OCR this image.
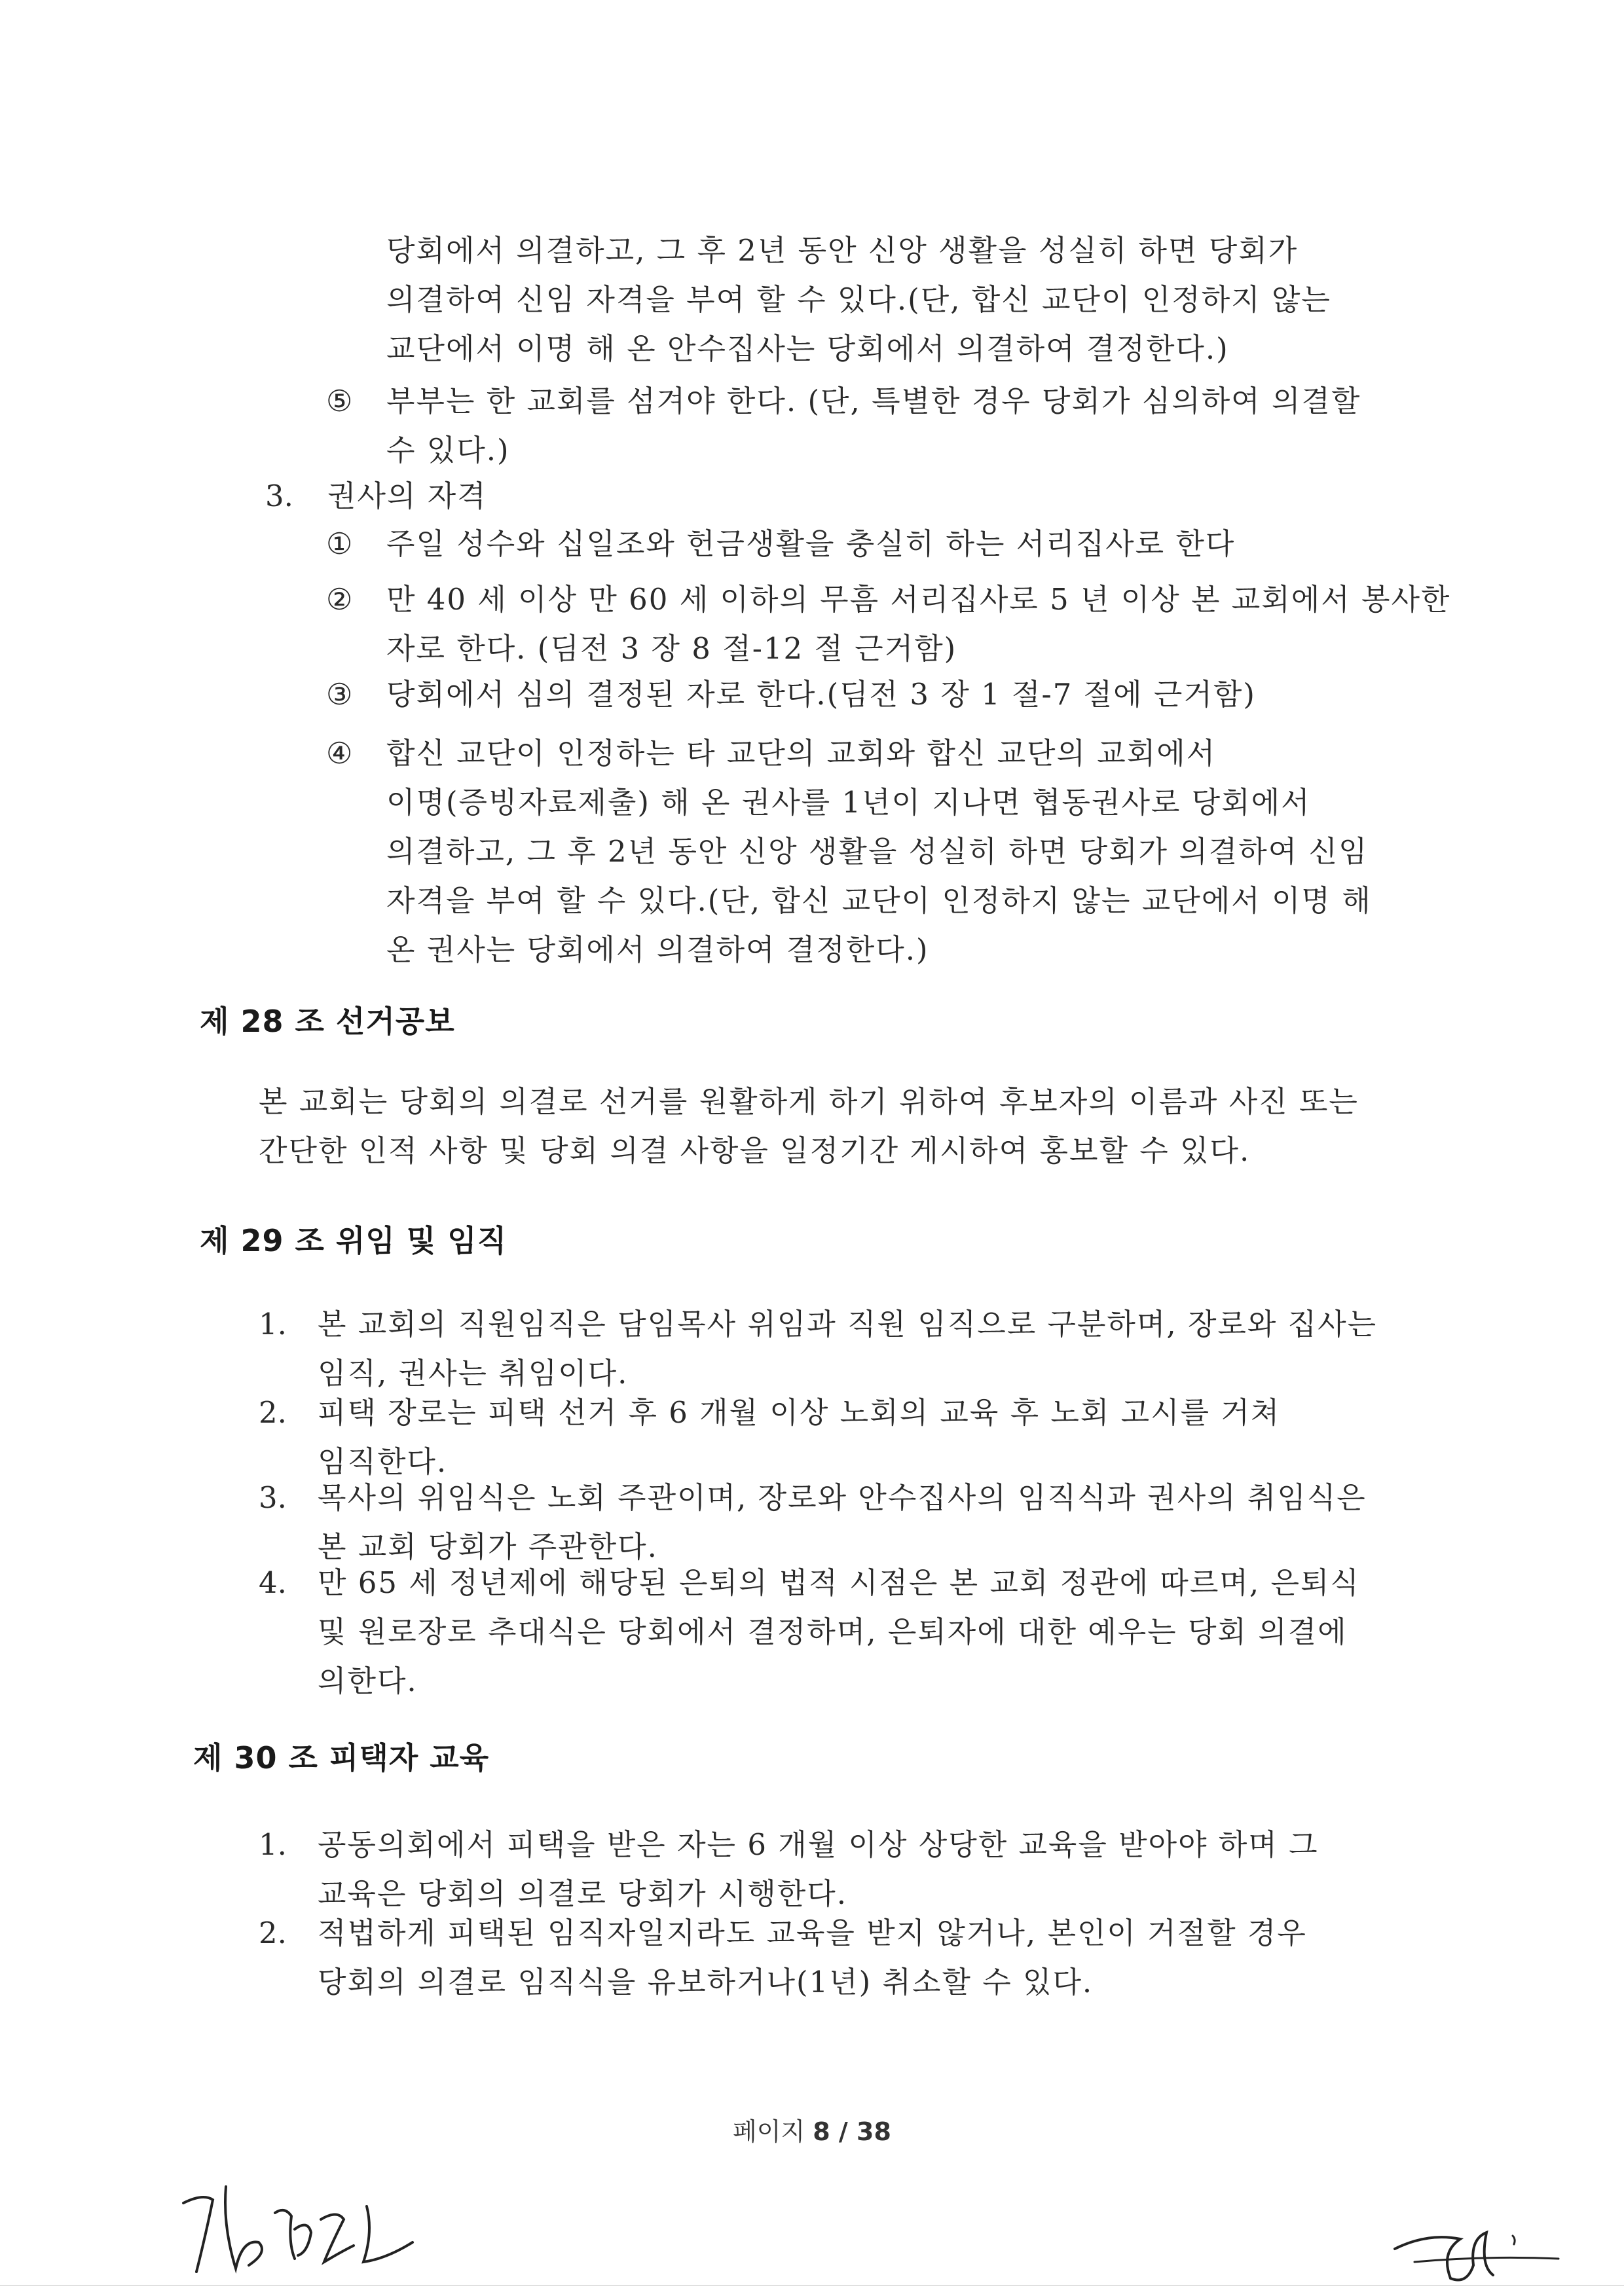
당회에서 의결하고, 그 후 2년 동안 신앙 생활을 성실히 하면 당회가
의결하여 신임 자격을 부여 할 수 있다.(단, 합신 교단이 인정하지 않는
교단에서 이명 해 온 안수집사는 당회에서 의결하여 결정한다.)
⑤ 부부는 한 교회를 섬겨야 한다. (단, 특별한 경우 당회가 심의하여 의결할
수 있다.)
3. 권사의 자격
① 주일 성수와 십일조와 헌금생활을 충실히 하는 서리집사로 한다
② 만 40 세 이상 만 60 세 이하의 무흠 서리집사로 5 년 이상 본 교회에서 봉사한
자로 한다. (딤전 3 장 8 절-12 절 근거함)
③ 당회에서 심의 결정된 자로 한다.(딤전 3 장 1 절-7 절에 근거함)
④ 합신 교단이 인정하는 타 교단의 교회와 합신 교단의 교회에서
이명(증빙자료제출) 해 온 권사를 1년이 지나면 협동권사로 당회에서
의결하고, 그 후 2년 동안 신앙 생활을 성실히 하면 당회가 의결하여 신임
자격을 부여 할 수 있다.(단, 합신 교단이 인정하지 않는 교단에서 이명 해
온 권사는 당회에서 의결하여 결정한다.)
제 28 조 선거공보
본 교회는 당회의 의결로 선거를 원활하게 하기 위하여 후보자의 이름과 사진 또는
간단한 인적 사항 및 당회 의결 사항을 일정기간 게시하여 홍보할 수 있다.
제 29 조 위임 및 임직
1. 본 교회의 직원임직은 담임목사 위임과 직원 임직으로 구분하며, 장로와 집사는
임직, 권사는 취임이다.
2. 피택 장로는 피택 선거 후 6 개월 이상 노회의 교육 후 노회 고시를 거쳐
임직한다.
3. 목사의 위임식은 노회 주관이며, 장로와 안수집사의 임직식과 권사의 취임식은
본 교회 당회가 주관한다.
4. 만 65 세 정년제에 해당된 은퇴의 법적 시점은 본 교회 정관에 따르며, 은퇴식
및 원로장로 추대식은 당회에서 결정하며, 은퇴자에 대한 예우는 당회 의결에
의한다.
제 30 조 피택자 교육
1. 공동의회에서 피택을 받은 자는 6 개월 이상 상당한 교육을 받아야 하며 그
교육은 당회의 의결로 당회가 시행한다.
2. 적법하게 피택된 임직자일지라도 교육을 받지 않거나, 본인이 거절할 경우
당회의 의결로 임직식을 유보하거나(1년) 취소할 수 있다.
페이지 8 / 38
